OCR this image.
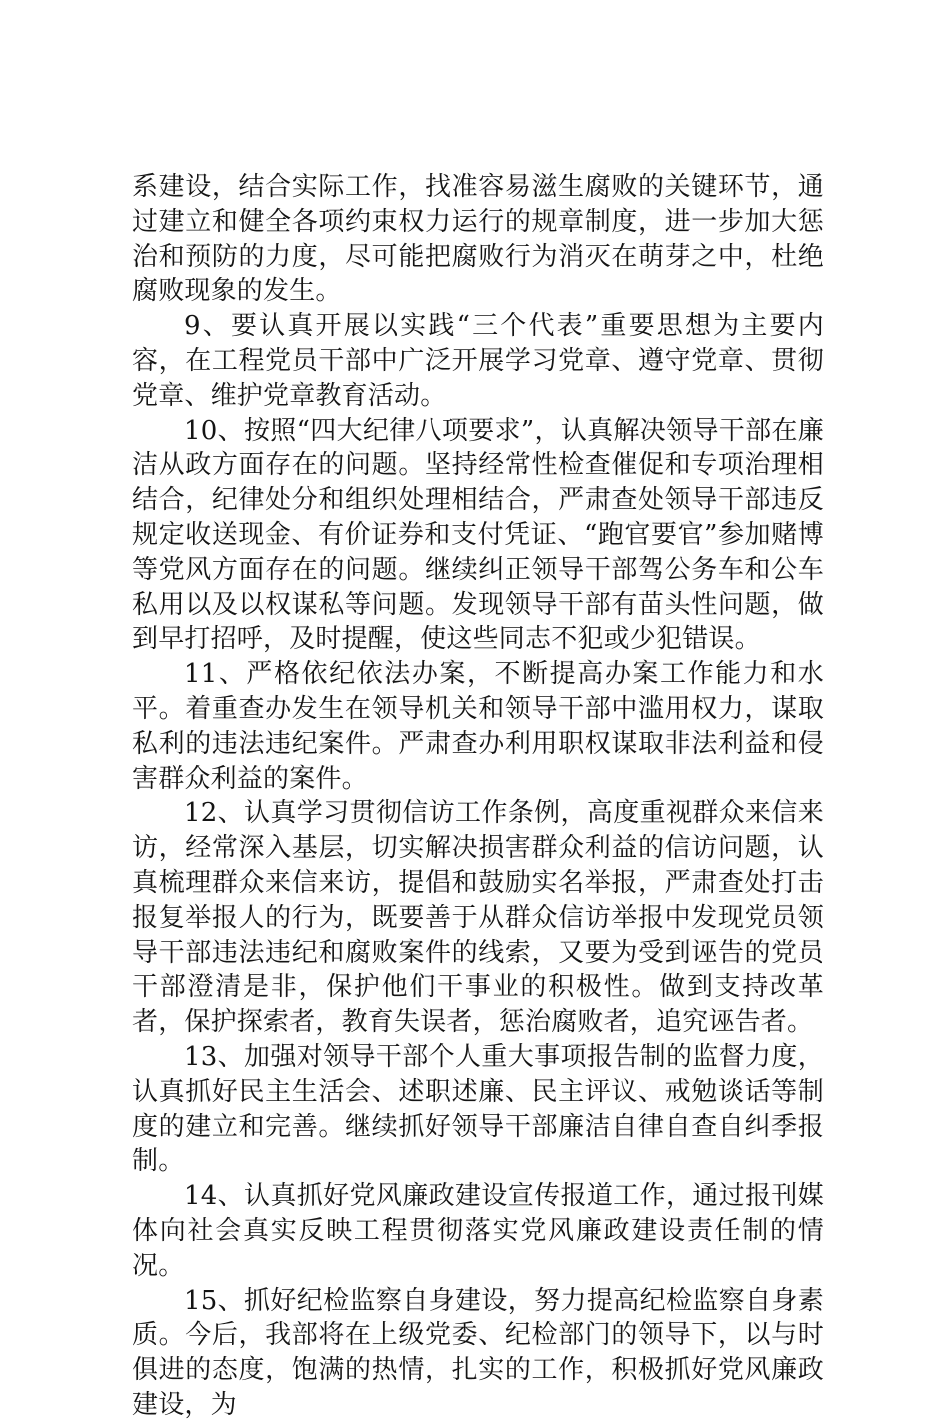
系建设，结合实际工作，找准容易滋生腐败的关键环节，通过建立和健全各项约束权力运行的规章制度，进一步加大惩治和预防的力度，尽可能把腐败行为消灭在萌芽之中，杜绝腐败现象的发生。

9、要认真开展以实践“三个代表”重要思想为主要内容，在工程党员干部中广泛开展学习党章、遵守党章、贯彻党章、维护党章教育活动。

10、按照“四大纪律八项要求”，认真解决领导干部在廉洁从政方面存在的问题。坚持经常性检查催促和专项治理相结合，纪律处分和组织处理相结合，严肃查处领导干部违反规定收送现金、有价证券和支付凭证、“跑官要官”参加赌博等党风方面存在的问题。继续纠正领导干部驾公务车和公车私用以及以权谋私等问题。发现领导干部有苗头性问题，做到早打招呼，及时提醒，使这些同志不犯或少犯错误。

11、严格依纪依法办案，不断提高办案工作能力和水平。着重查办发生在领导机关和领导干部中滥用权力，谋取私利的违法违纪案件。严肃查办利用职权谋取非法利益和侵害群众利益的案件。

12、认真学习贯彻信访工作条例，高度重视群众来信来访，经常深入基层，切实解决损害群众利益的信访问题，认真梳理群众来信来访，提倡和鼓励实名举报，严肃查处打击报复举报人的行为，既要善于从群众信访举报中发现党员领导干部违法违纪和腐败案件的线索，又要为受到诬告的党员干部澄清是非，保护他们干事业的积极性。做到支持改革者，保护探索者，教育失误者，惩治腐败者，追究诬告者。

13、加强对领导干部个人重大事项报告制的监督力度，认真抓好民主生活会、述职述廉、民主评议、戒勉谈话等制度的建立和完善。继续抓好领导干部廉洁自律自查自纠季报制。

14、认真抓好党风廉政建设宣传报道工作，通过报刊媒体向社会真实反映工程贯彻落实党风廉政建设责任制的情况。

15、抓好纪检监察自身建设，努力提高纪检监察自身素质。今后，我部将在上级党委、纪检部门的领导下，以与时俱进的态度，饱满的热情，扎实的工作，积极抓好党风廉政建设，为
